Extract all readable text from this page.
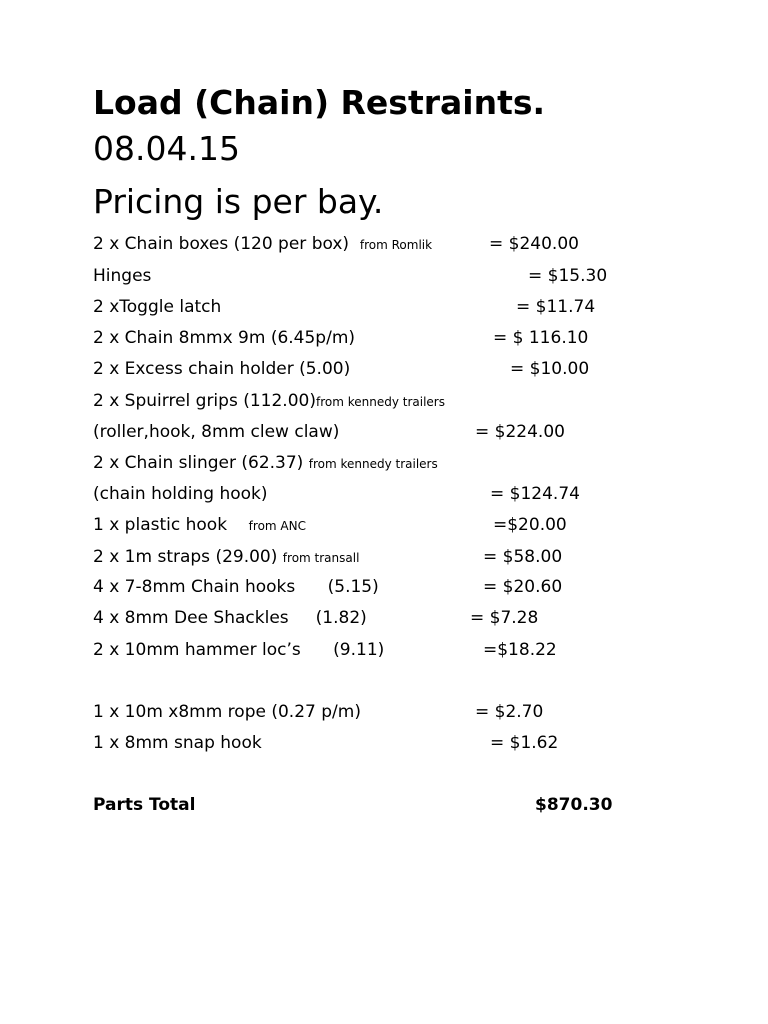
Load (Chain) Restraints.
08.04.15
Pricing is per bay.
2 x Chain boxes (120 per box) from Romlik	= $240.00
Hinges	= $15.30
2 xToggle latch	= $11.74
2 x Chain 8mmx 9m (6.45p/m)	= $ 116.10
2 x Excess chain holder (5.00)	= $10.00
2 x Spuirrel grips (112.00)from kennedy trailers
(roller,hook, 8mm clew claw)	= $224.00
2 x Chain slinger (62.37) from kennedy trailers
(chain holding hook)	= $124.74
1 x plastic hook from ANC	=$20.00
2 x 1m straps (29.00) from transall	= $58.00
4 x 7-8mm Chain hooks      (5.15)	= $20.60
4 x 8mm Dee Shackles     (1.82)	= $7.28
2 x 10mm hammer loc’s      (9.11)	=$18.22
1 x 10m x8mm rope (0.27 p/m)	= $2.70
1 x 8mm snap hook	= $1.62
Parts Total	$870.30
